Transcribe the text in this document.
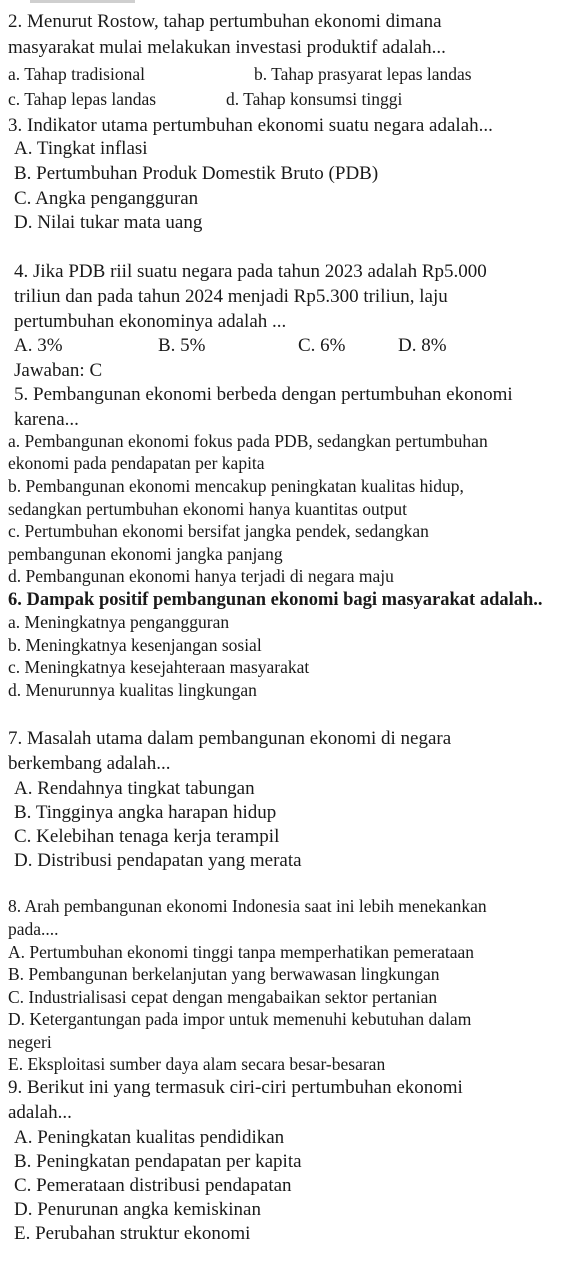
2. Menurut Rostow, tahap pertumbuhan ekonomi dimana
masyarakat mulai melakukan investasi produktif adalah...
a. Tahap tradisional	b. Tahap prasyarat lepas landas
c. Tahap lepas landas	d. Tahap konsumsi tinggi
3. Indikator utama pertumbuhan ekonomi suatu negara adalah...
A. Tingkat inflasi
B. Pertumbuhan Produk Domestik Bruto (PDB)
C. Angka pengangguran
D. Nilai tukar mata uang
4. Jika PDB riil suatu negara pada tahun 2023 adalah Rp5.000
triliun dan pada tahun 2024 menjadi Rp5.300 triliun, laju
pertumbuhan ekonominya adalah ...
A. 3%	B. 5%	C. 6%	D. 8%
Jawaban: C
5. Pembangunan ekonomi berbeda dengan pertumbuhan ekonomi
karena...
a. Pembangunan ekonomi fokus pada PDB, sedangkan pertumbuhan
ekonomi pada pendapatan per kapita
b. Pembangunan ekonomi mencakup peningkatan kualitas hidup,
sedangkan pertumbuhan ekonomi hanya kuantitas output
c. Pertumbuhan ekonomi bersifat jangka pendek, sedangkan
pembangunan ekonomi jangka panjang
d. Pembangunan ekonomi hanya terjadi di negara maju
6. Dampak positif pembangunan ekonomi bagi masyarakat adalah..
a. Meningkatnya pengangguran
b. Meningkatnya kesenjangan sosial
c. Meningkatnya kesejahteraan masyarakat
d. Menurunnya kualitas lingkungan
7. Masalah utama dalam pembangunan ekonomi di negara
berkembang adalah...
A. Rendahnya tingkat tabungan
B. Tingginya angka harapan hidup
C. Kelebihan tenaga kerja terampil
D. Distribusi pendapatan yang merata
8. Arah pembangunan ekonomi Indonesia saat ini lebih menekankan
pada....
A. Pertumbuhan ekonomi tinggi tanpa memperhatikan pemerataan
B. Pembangunan berkelanjutan yang berwawasan lingkungan
C. Industrialisasi cepat dengan mengabaikan sektor pertanian
D. Ketergantungan pada impor untuk memenuhi kebutuhan dalam
negeri
E. Eksploitasi sumber daya alam secara besar-besaran
9. Berikut ini yang termasuk ciri-ciri pertumbuhan ekonomi
adalah...
A. Peningkatan kualitas pendidikan
B. Peningkatan pendapatan per kapita
C. Pemerataan distribusi pendapatan
D. Penurunan angka kemiskinan
E. Perubahan struktur ekonomi
